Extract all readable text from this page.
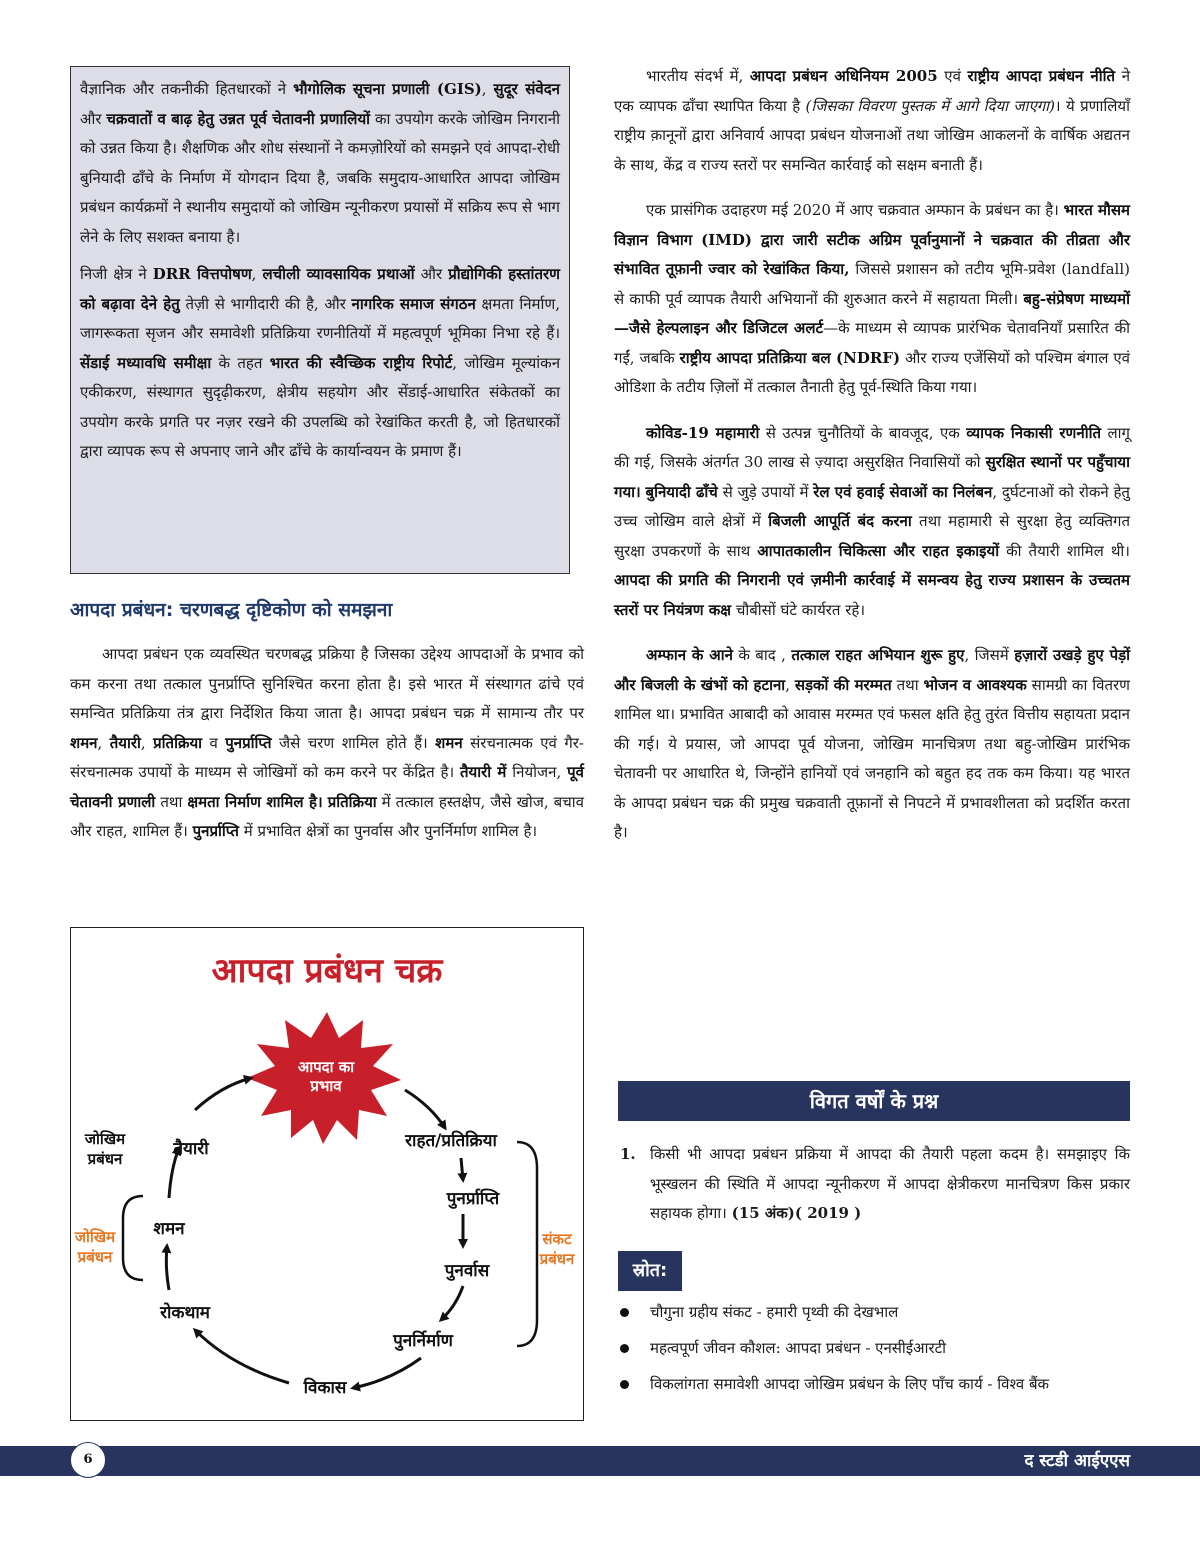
वैज्ञानिक और तकनीकी हितधारकों ने भौगोलिक सूचना प्रणाली (GIS), सुदूर संवेदन और चक्रवातों व बाढ़ हेतु उन्नत पूर्व चेतावनी प्रणालियों का उपयोग करके जोखिम निगरानी को उन्नत किया है। शैक्षणिक और शोध संस्थानों ने कमज़ोरियों को समझने एवं आपदा-रोधी बुनियादी ढाँचे के निर्माण में योगदान दिया है, जबकि समुदाय-आधारित आपदा जोखिम प्रबंधन कार्यक्रमों ने स्थानीय समुदायों को जोखिम न्यूनीकरण प्रयासों में सक्रिय रूप से भाग लेने के लिए सशक्त बनाया है।

निजी क्षेत्र ने DRR वित्तपोषण, लचीली व्यावसायिक प्रथाओं और प्रौद्योगिकी हस्तांतरण को बढ़ावा देने हेतु तेज़ी से भागीदारी की है, और नागरिक समाज संगठन क्षमता निर्माण, जागरूकता सृजन और समावेशी प्रतिक्रिया रणनीतियों में महत्वपूर्ण भूमिका निभा रहे हैं। सेंडाई मध्यावधि समीक्षा के तहत भारत की स्वैच्छिक राष्ट्रीय रिपोर्ट, जोखिम मूल्यांकन एकीकरण, संस्थागत सुदृढ़ीकरण, क्षेत्रीय सहयोग और सेंडाई-आधारित संकेतकों का उपयोग करके प्रगति पर नज़र रखने की उपलब्धि को रेखांकित करती है, जो हितधारकों द्वारा व्यापक रूप से अपनाए जाने और ढाँचे के कार्यान्वयन के प्रमाण हैं।

आपदा प्रबंधन: चरणबद्ध दृष्टिकोण को समझना

आपदा प्रबंधन एक व्यवस्थित चरणबद्ध प्रक्रिया है जिसका उद्देश्य आपदाओं के प्रभाव को कम करना तथा तत्काल पुनर्प्राप्ति सुनिश्चित करना होता है। इसे भारत में संस्थागत ढांचे एवं समन्वित प्रतिक्रिया तंत्र द्वारा निर्देशित किया जाता है। आपदा प्रबंधन चक्र में सामान्य तौर पर शमन, तैयारी, प्रतिक्रिया व पुनर्प्राप्ति जैसे चरण शामिल होते हैं। शमन संरचनात्मक एवं गैर-संरचनात्मक उपायों के माध्यम से जोखिमों को कम करने पर केंद्रित है। तैयारी में नियोजन, पूर्व चेतावनी प्रणाली तथा क्षमता निर्माण शामिल है। प्रतिक्रिया में तत्काल हस्तक्षेप, जैसे खोज, बचाव और राहत, शामिल हैं। पुनर्प्राप्ति में प्रभावित क्षेत्रों का पुनर्वास और पुनर्निर्माण शामिल है।

आपदा प्रबंधन चक्र
आपदा का
प्रभाव
राहत/प्रतिक्रिया
पुनर्प्राप्ति
पुनर्वास
पुनर्निर्माण
विकास
रोकथाम
शमन
तैयारी
जोखिम
प्रबंधन
जोखिम
प्रबंधन
संकट
प्रबंधन

भारतीय संदर्भ में, आपदा प्रबंधन अधिनियम 2005 एवं राष्ट्रीय आपदा प्रबंधन नीति ने एक व्यापक ढाँचा स्थापित किया है (जिसका विवरण पुस्तक में आगे दिया जाएगा)। ये प्रणालियाँ राष्ट्रीय क़ानूनों द्वारा अनिवार्य आपदा प्रबंधन योजनाओं तथा जोखिम आकलनों के वार्षिक अद्यतन के साथ, केंद्र व राज्य स्तरों पर समन्वित कार्रवाई को सक्षम बनाती हैं।

एक प्रासंगिक उदाहरण मई 2020 में आए चक्रवात अम्फान के प्रबंधन का है। भारत मौसम विज्ञान विभाग (IMD) द्वारा जारी सटीक अग्रिम पूर्वानुमानों ने चक्रवात की तीव्रता और संभावित तूफ़ानी ज्वार को रेखांकित किया, जिससे प्रशासन को तटीय भूमि-प्रवेश (landfall) से काफी पूर्व व्यापक तैयारी अभियानों की शुरुआत करने में सहायता मिली। बहु-संप्रेषण माध्यमों—जैसे हेल्पलाइन और डिजिटल अलर्ट—के माध्यम से व्यापक प्रारंभिक चेतावनियाँ प्रसारित की गईं, जबकि राष्ट्रीय आपदा प्रतिक्रिया बल (NDRF) और राज्य एजेंसियों को पश्चिम बंगाल एवं ओडिशा के तटीय ज़िलों में तत्काल तैनाती हेतु पूर्व-स्थिति किया गया।

कोविड-19 महामारी से उत्पन्न चुनौतियों के बावजूद, एक व्यापक निकासी रणनीति लागू की गई, जिसके अंतर्गत 30 लाख से ज़्यादा असुरक्षित निवासियों को सुरक्षित स्थानों पर पहुँचाया गया। बुनियादी ढाँचे से जुड़े उपायों में रेल एवं हवाई सेवाओं का निलंबन, दुर्घटनाओं को रोकने हेतु उच्च जोखिम वाले क्षेत्रों में बिजली आपूर्ति बंद करना तथा महामारी से सुरक्षा हेतु व्यक्तिगत सुरक्षा उपकरणों के साथ आपातकालीन चिकित्सा और राहत इकाइयों की तैयारी शामिल थी। आपदा की प्रगति की निगरानी एवं ज़मीनी कार्रवाई में समन्वय हेतु राज्य प्रशासन के उच्चतम स्तरों पर नियंत्रण कक्ष चौबीसों घंटे कार्यरत रहे।

अम्फान के आने के बाद , तत्काल राहत अभियान शुरू हुए, जिसमें हज़ारों उखड़े हुए पेड़ों और बिजली के खंभों को हटाना, सड़कों की मरम्मत तथा भोजन व आवश्यक सामग्री का वितरण शामिल था। प्रभावित आबादी को आवास मरम्मत एवं फसल क्षति हेतु तुरंत वित्तीय सहायता प्रदान की गई। ये प्रयास, जो आपदा पूर्व योजना, जोखिम मानचित्रण तथा बहु-जोखिम प्रारंभिक चेतावनी पर आधारित थे, जिन्होंने हानियों एवं जनहानि को बहुत हद तक कम किया। यह भारत के आपदा प्रबंधन चक्र की प्रमुख चक्रवाती तूफ़ानों से निपटने में प्रभावशीलता को प्रदर्शित करता है।

विगत वर्षों के प्रश्न
1. किसी भी आपदा प्रबंधन प्रक्रिया में आपदा की तैयारी पहला कदम है। समझाइए कि भूस्खलन की स्थिति में आपदा न्यूनीकरण में आपदा क्षेत्रीकरण मानचित्रण किस प्रकार सहायक होगा। (15 अंक)( 2019 )
स्रोत:
चौगुना ग्रहीय संकट - हमारी पृथ्वी की देखभाल
महत्वपूर्ण जीवन कौशल: आपदा प्रबंधन - एनसीईआरटी
विकलांगता समावेशी आपदा जोखिम प्रबंधन के लिए पाँच कार्य - विश्व बैंक
6	द स्टडी आईएएस
